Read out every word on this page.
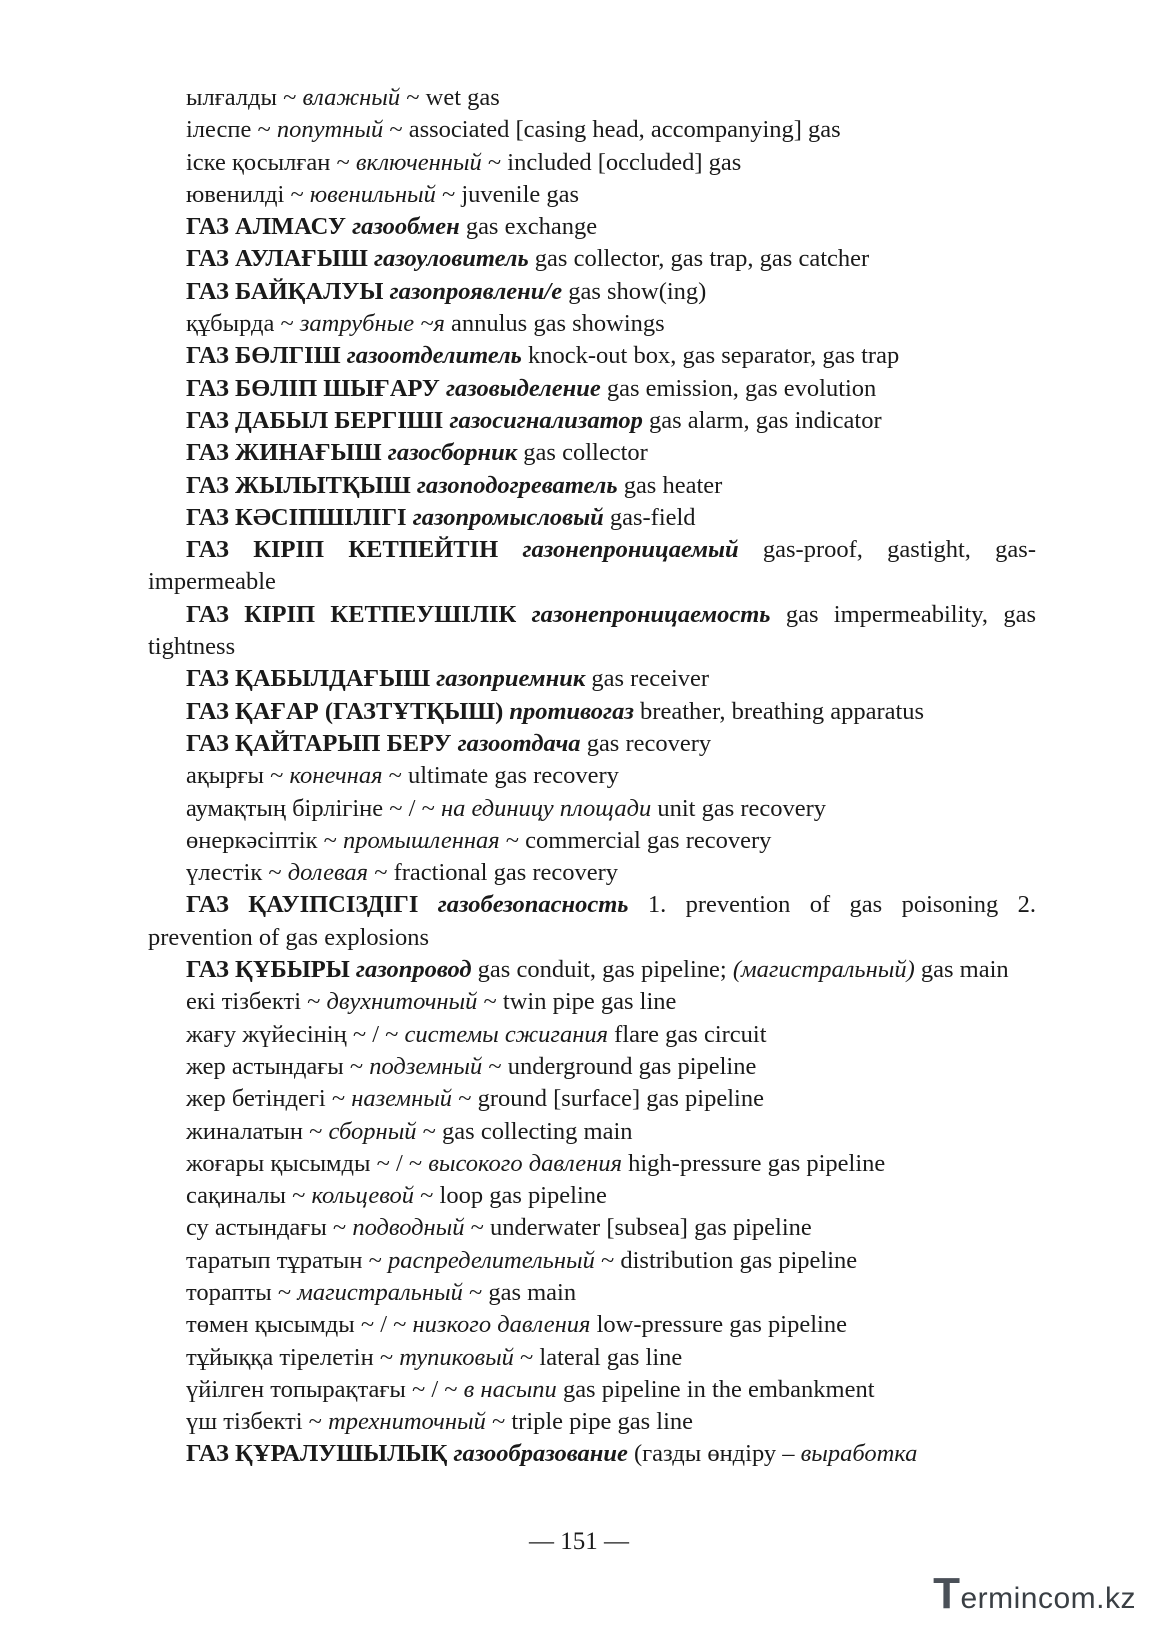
ылғалды ~ влажный ~ wet gas

ілеспе ~ попутный ~ associated [casing head, accompanying] gas

іске қосылған ~ включенный ~ included [occluded] gas

ювенилді ~ ювенильный ~ juvenile gas

ГАЗ АЛМАСУ газообмен gas exchange

ГАЗ АУЛАҒЫШ газоуловитель gas collector, gas trap, gas catcher

ГАЗ БАЙҚАЛУЫ газопроявлени/е gas show(ing)

құбырда ~ затрубные ~я annulus gas showings

ГАЗ БӨЛГІШ газоотделитель knock-out box, gas separator, gas trap

ГАЗ БӨЛІП ШЫҒАРУ газовыделение gas emission, gas evolution

ГАЗ ДАБЫЛ БЕРГІШІ газосигнализатор gas alarm, gas indicator

ГАЗ ЖИНАҒЫШ газосборник gas collector

ГАЗ ЖЫЛЫТҚЫШ газоподогреватель gas heater

ГАЗ КӘСІПШІЛІГІ газопромысловый gas-field

ГАЗ КІРІП КЕТПЕЙТІН газонепроницаемый gas-proof, gastight, gas-impermeable

ГАЗ КІРІП КЕТПЕУШІЛІК газонепроницаемость gas impermeability, gas tightness

ГАЗ ҚАБЫЛДАҒЫШ газоприемник gas receiver

ГАЗ ҚАҒАР (ГАЗТҰТҚЫШ) противогаз breather, breathing apparatus

ГАЗ ҚАЙТАРЫП БЕРУ газоотдача gas recovery

ақырғы ~ конечная ~ ultimate gas recovery

аумақтың бірлігіне ~ / ~ на единицу площади unit gas recovery

өнеркәсіптік ~ промышленная ~ commercial gas recovery

үлестік ~ долевая ~ fractional gas recovery

ГАЗ ҚАУІПСІЗДІГІ газобезопасность 1. prevention of gas poisoning 2. prevention of gas explosions

ГАЗ ҚҰБЫРЫ газопровод gas conduit, gas pipeline; (магистральный) gas main

екі тізбекті ~ двухниточный ~ twin pipe gas line

жағу жүйесінің ~ / ~ системы сжигания flare gas circuit

жер астындағы ~ подземный ~ underground gas pipeline

жер бетіндегі ~ наземный ~ ground [surface] gas pipeline

жиналатын ~ сборный ~ gas collecting main

жоғары қысымды ~ / ~ высокого давления high-pressure gas pipeline

сақиналы ~ кольцевой ~ loop gas pipeline

су астындағы ~ подводный ~ underwater [subsea] gas pipeline

таратып тұратын ~ распределительный ~ distribution gas pipeline

торапты ~ магистральный ~ gas main

төмен қысымды ~ / ~ низкого давления low-pressure gas pipeline

тұйыққа тірелетін ~ тупиковый ~ lateral gas line

үйілген топырақтағы ~ / ~ в насыпи gas pipeline in the embankment

үш тізбекті ~ трехниточный ~ triple pipe gas line

ГАЗ ҚҰРАЛУШЫЛЫҚ газообразование (газды өндіру – выработка

— 151 —
Termincom.kz
